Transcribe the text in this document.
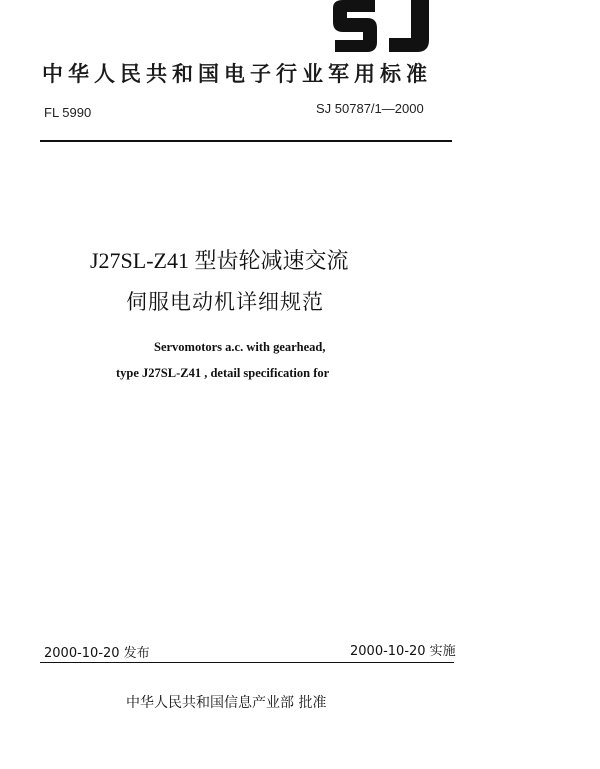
中华人民共和国电子行业军用标准
FL 5990	SJ 50787/1—2000
J27SL-Z41 型齿轮减速交流
伺服电动机详细规范
Servomotors a.c. with gearhead,
type J27SL-Z41 , detail specification for
2000-10-20 发布	2000-10-20 实施
中华人民共和国信息产业部 批准
